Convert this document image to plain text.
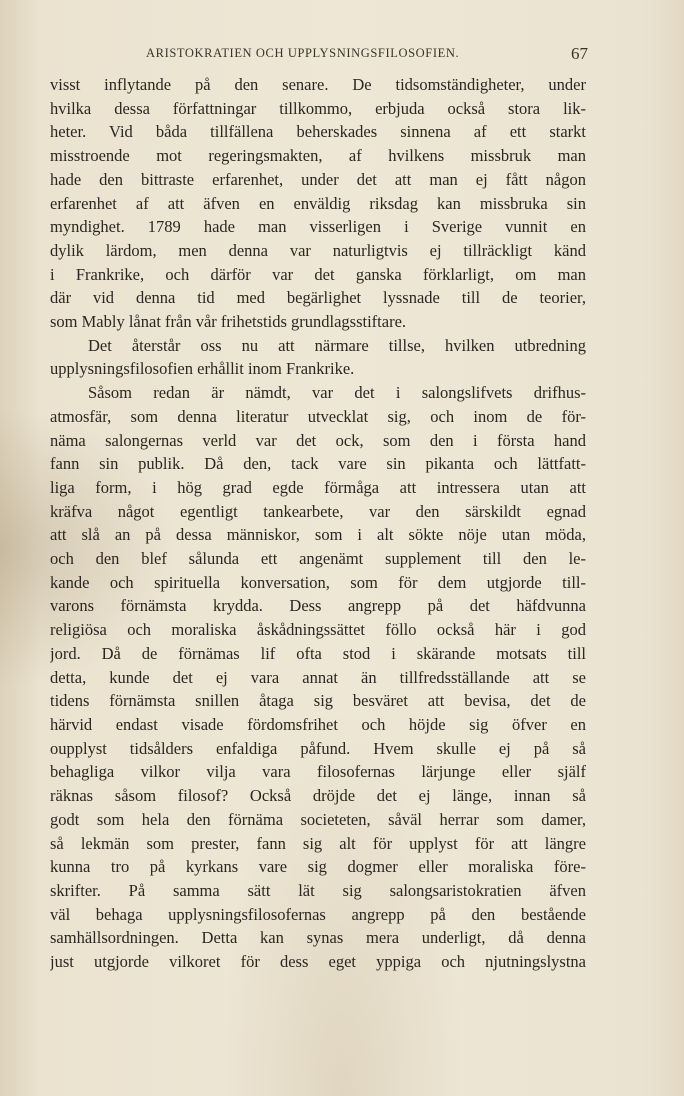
ARISTOKRATIEN OCH UPPLYSNINGSFILOSOFIEN.	67
visst inflytande på den senare. De tidsomständigheter, under
hvilka dessa författningar tillkommo, erbjuda också stora lik-
heter. Vid båda tillfällena beherskades sinnena af ett starkt
misstroende mot regeringsmakten, af hvilkens missbruk man
hade den bittraste erfarenhet, under det att man ej fått någon
erfarenhet af att äfven en enväldig riksdag kan missbruka sin
myndighet. 1789 hade man visserligen i Sverige vunnit en
dylik lärdom, men denna var naturligtvis ej tillräckligt känd
i Frankrike, och därför var det ganska förklarligt, om man
där vid denna tid med begärlighet lyssnade till de teorier,
som Mably lånat från vår frihetstids grundlagsstiftare.
Det återstår oss nu att närmare tillse, hvilken utbredning
upplysningsfilosofien erhållit inom Frankrike.
Såsom redan är nämdt, var det i salongslifvets drifhus-
atmosfär, som denna literatur utvecklat sig, och inom de för-
näma salongernas verld var det ock, som den i första hand
fann sin publik. Då den, tack vare sin pikanta och lättfatt-
liga form, i hög grad egde förmåga att intressera utan att
kräfva något egentligt tankearbete, var den särskildt egnad
att slå an på dessa människor, som i alt sökte nöje utan möda,
och den blef sålunda ett angenämt supplement till den le-
kande och spirituella konversation, som för dem utgjorde till-
varons förnämsta krydda. Dess angrepp på det häfdvunna
religiösa och moraliska åskådningssättet föllo också här i god
jord. Då de förnämas lif ofta stod i skärande motsats till
detta, kunde det ej vara annat än tillfredsställande att se
tidens förnämsta snillen åtaga sig besväret att bevisa, det de
härvid endast visade fördomsfrihet och höjde sig öfver en
oupplyst tidsålders enfaldiga påfund. Hvem skulle ej på så
behagliga vilkor vilja vara filosofernas lärjunge eller själf
räknas såsom filosof? Också dröjde det ej länge, innan så
godt som hela den förnäma societeten, såväl herrar som damer,
så lekmän som prester, fann sig alt för upplyst för att längre
kunna tro på kyrkans vare sig dogmer eller moraliska före-
skrifter. På samma sätt lät sig salongsaristokratien äfven
väl behaga upplysningsfilosofernas angrepp på den bestående
samhällsordningen. Detta kan synas mera underligt, då denna
just utgjorde vilkoret för dess eget yppiga och njutningslystna
